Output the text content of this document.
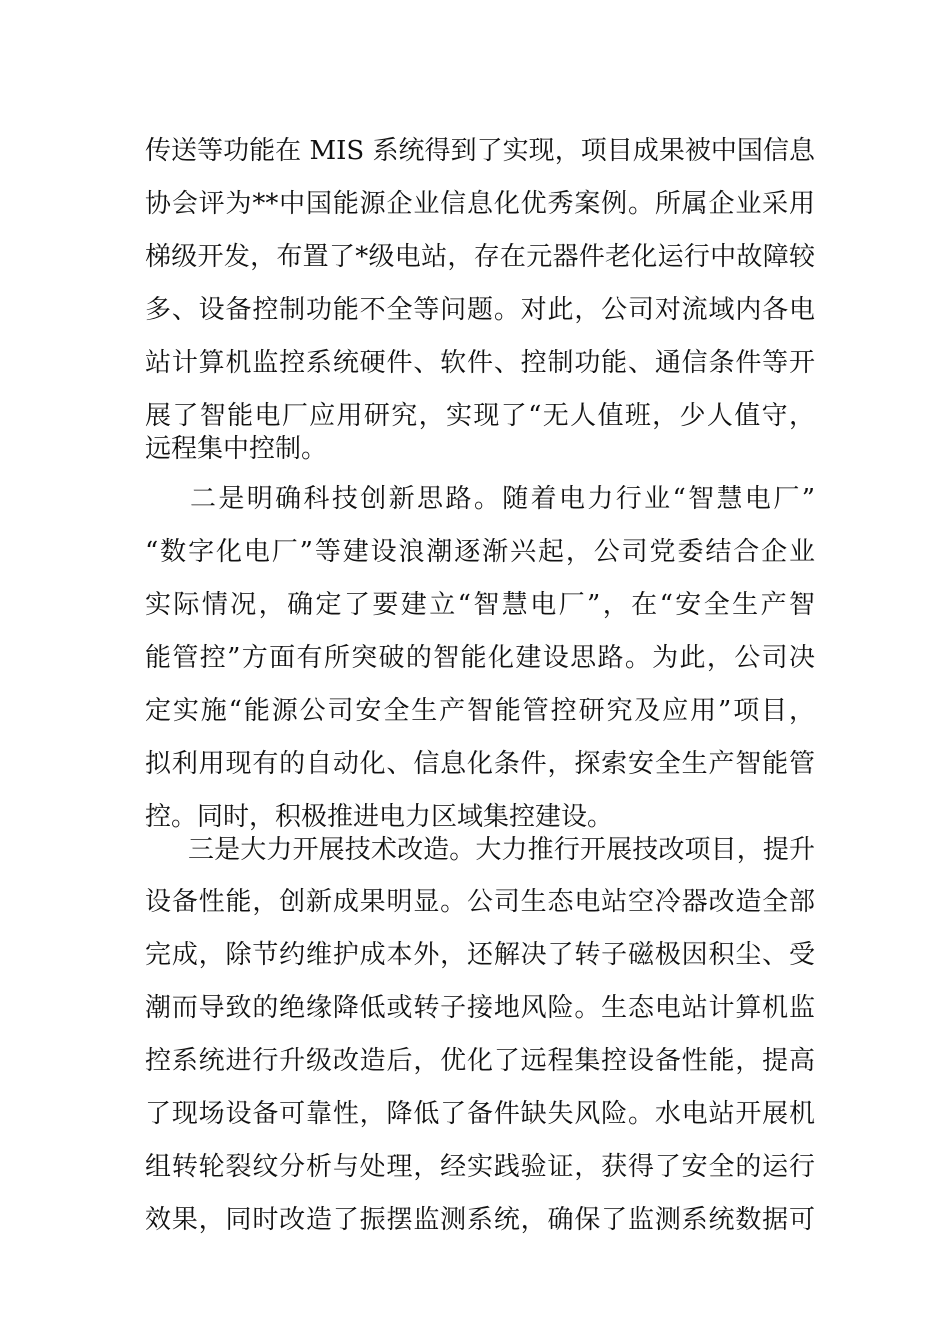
传送等功能在 MIS 系统得到了实现，项目成果被中国信息
协会评为**中国能源企业信息化优秀案例。所属企业采用
梯级开发，布置了*级电站，存在元器件老化运行中故障较
多、设备控制功能不全等问题。对此，公司对流域内各电
站计算机监控系统硬件、软件、控制功能、通信条件等开
展了智能电厂应用研究，实现了“无人值班，少人值守，
远程集中控制。
二是明确科技创新思路。随着电力行业“智慧电厂”
“数字化电厂”等建设浪潮逐渐兴起，公司党委结合企业
实际情况，确定了要建立“智慧电厂”，在“安全生产智
能管控”方面有所突破的智能化建设思路。为此，公司决
定实施“能源公司安全生产智能管控研究及应用”项目，
拟利用现有的自动化、信息化条件，探索安全生产智能管
控。同时，积极推进电力区域集控建设。
三是大力开展技术改造。大力推行开展技改项目，提升
设备性能，创新成果明显。公司生态电站空冷器改造全部
完成，除节约维护成本外，还解决了转子磁极因积尘、受
潮而导致的绝缘降低或转子接地风险。生态电站计算机监
控系统进行升级改造后，优化了远程集控设备性能，提高
了现场设备可靠性，降低了备件缺失风险。水电站开展机
组转轮裂纹分析与处理，经实践验证，获得了安全的运行
效果，同时改造了振摆监测系统，确保了监测系统数据可
